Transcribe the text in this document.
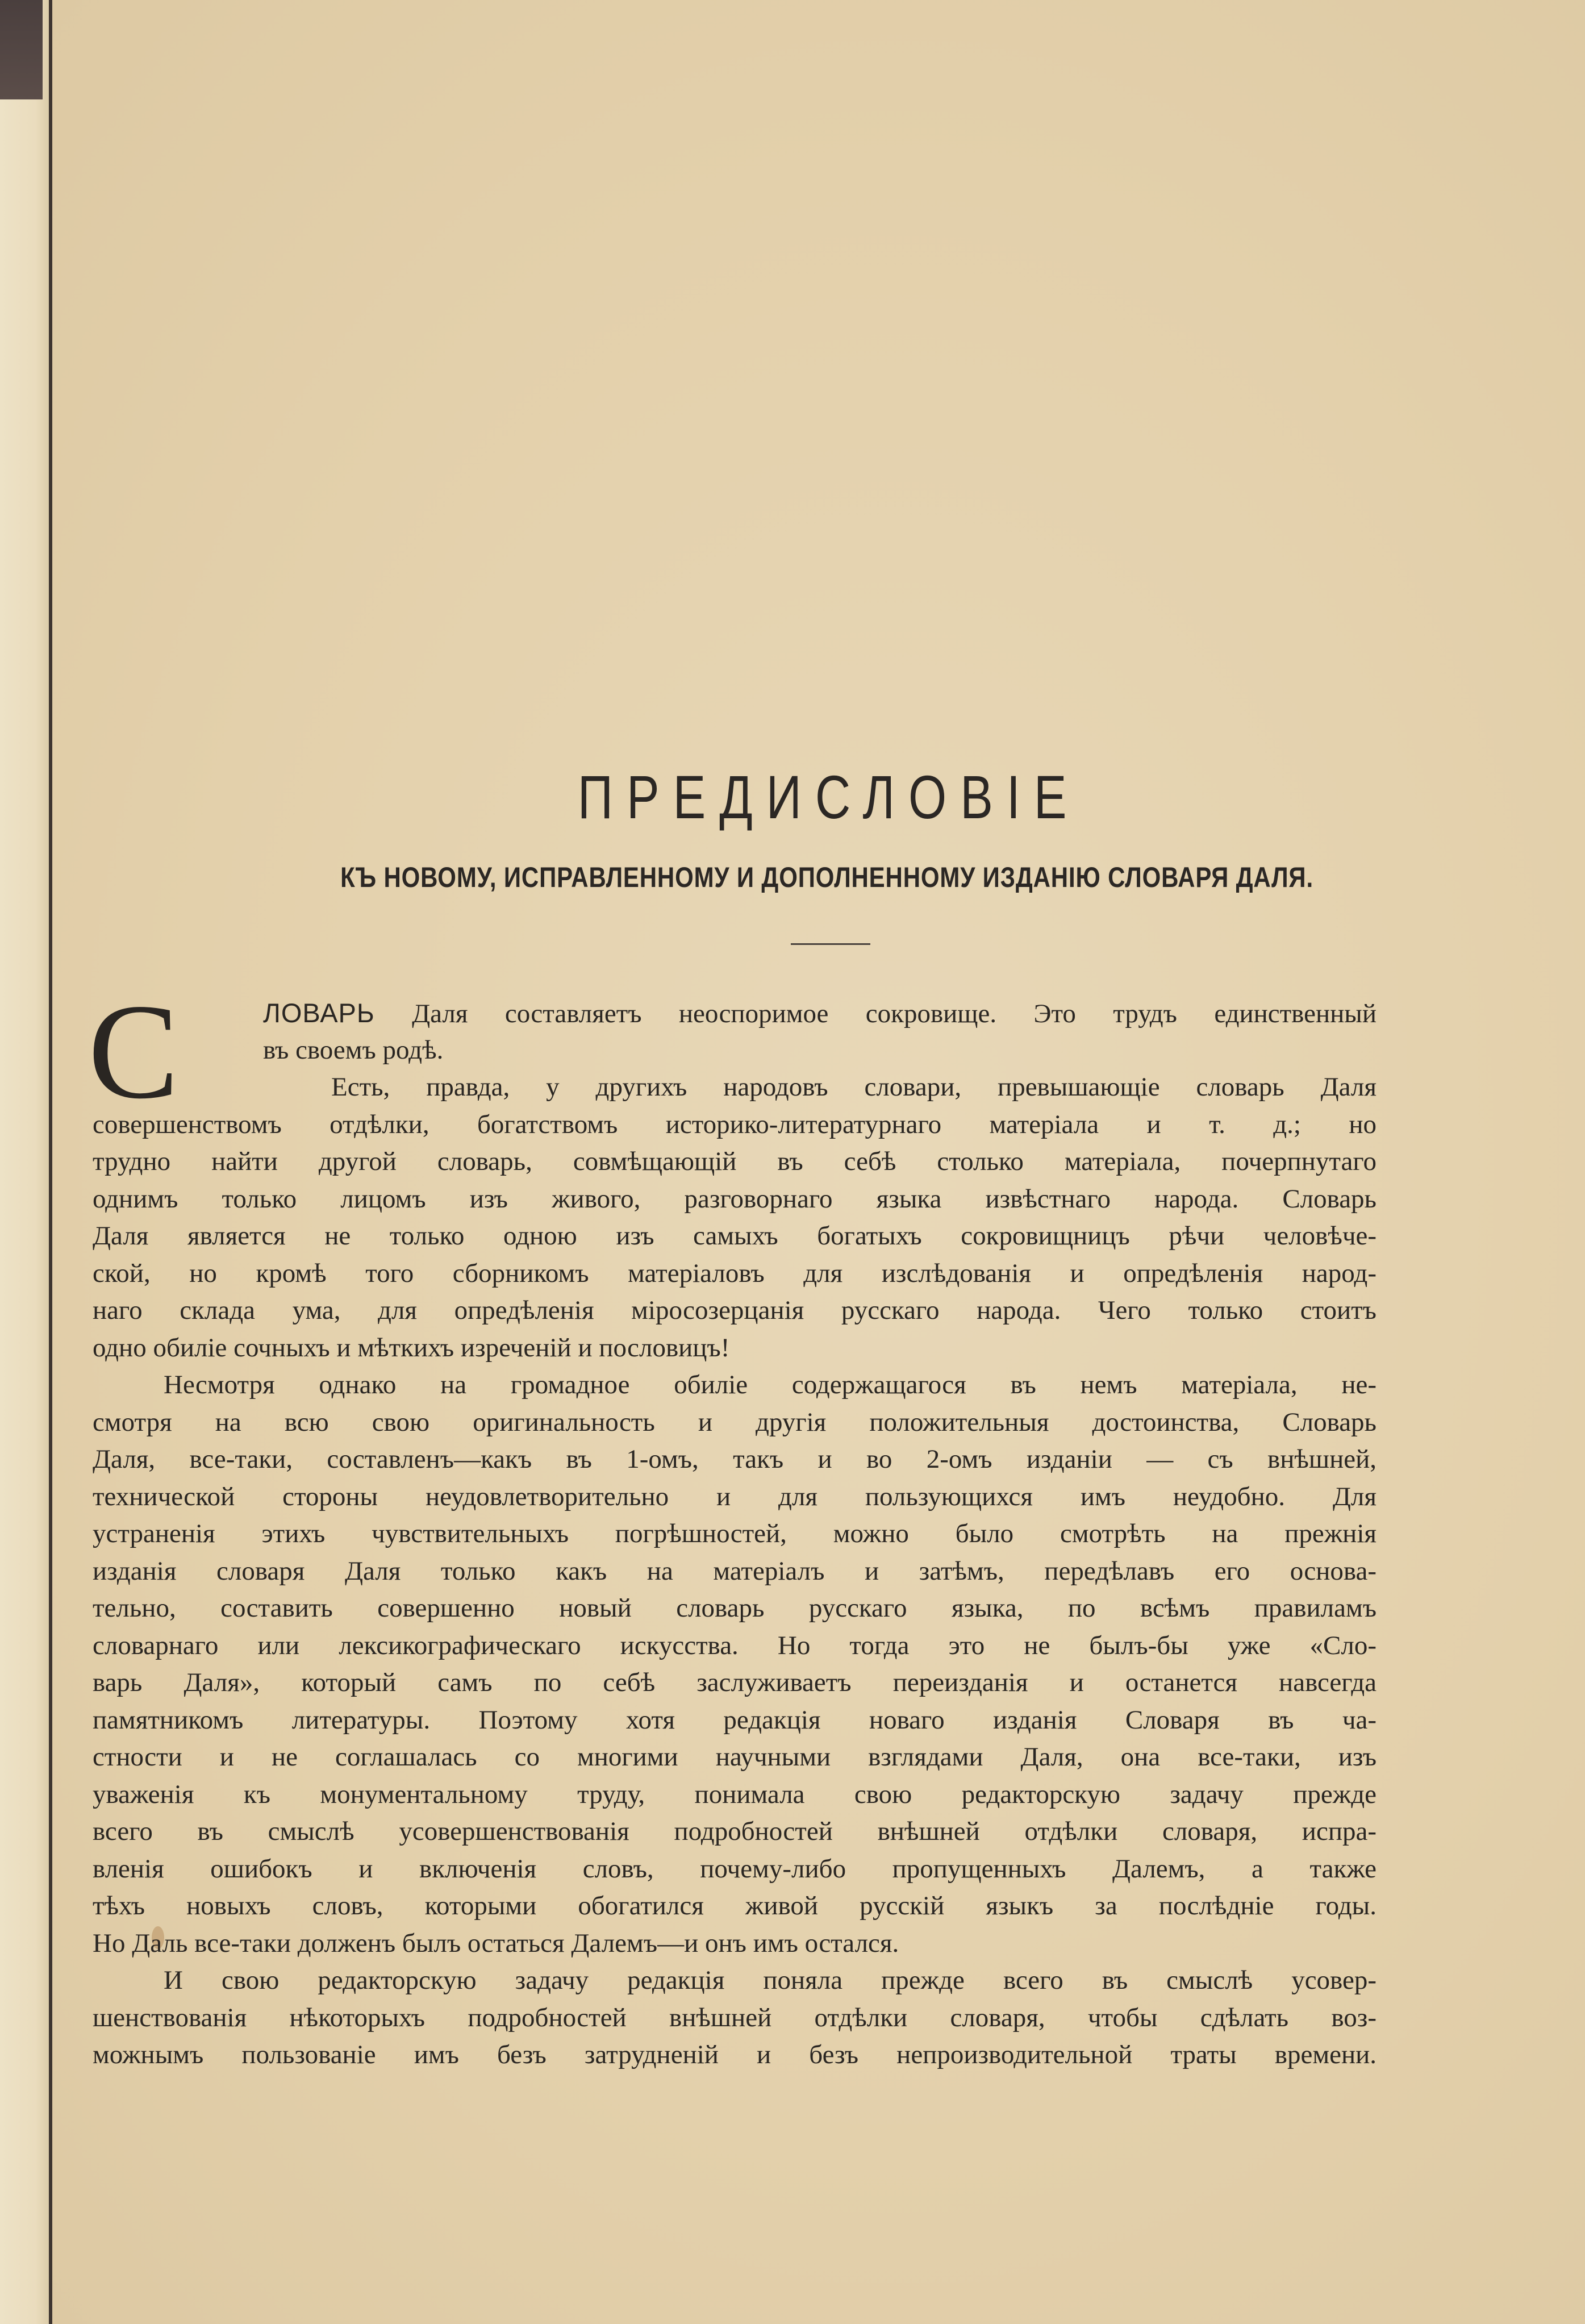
ПРЕДИСЛОВІЕ
КЪ НОВОМУ, ИСПРАВЛЕННОМУ И ДОПОЛНЕННОМУ ИЗДАНІЮ СЛОВАРЯ ДАЛЯ.
С	ЛОВАРЬ Даля составляетъ неоспоримое сокровище. Это трудъ единственный
въ своемъ родѣ.
Есть, правда, у другихъ народовъ словари, превышающіе словарь Даля
совершенствомъ отдѣлки, богатствомъ историко-литературнаго матеріала и т. д.; но
трудно найти другой словарь, совмѣщающій въ себѣ столько матеріала, почерпнутаго
однимъ только лицомъ изъ живого, разговорнаго языка извѣстнаго народа. Словарь
Даля является не только одною изъ самыхъ богатыхъ сокровищницъ рѣчи человѣче-
ской, но кромѣ того сборникомъ матеріаловъ для изслѣдованія и опредѣленія народ-
наго склада ума, для опредѣленія міросозерцанія русскаго народа. Чего только стоитъ
одно обиліе сочныхъ и мѣткихъ изреченій и пословицъ!
Несмотря однако на громадное обиліе содержащагося въ немъ матеріала, не-
смотря на всю свою оригинальность и другія положительныя достоинства, Словарь
Даля, все-таки, составленъ—какъ въ 1-омъ, такъ и во 2-омъ изданіи — съ внѣшней,
технической стороны неудовлетворительно и для пользующихся имъ неудобно. Для
устраненія этихъ чувствительныхъ погрѣшностей, можно было смотрѣть на прежнія
изданія словаря Даля только какъ на матеріалъ и затѣмъ, передѣлавъ его основа-
тельно, составить совершенно новый словарь русскаго языка, по всѣмъ правиламъ
словарнаго или лексикографическаго искусства. Но тогда это не былъ-бы уже «Сло-
варь Даля», который самъ по себѣ заслуживаетъ переизданія и останется навсегда
памятникомъ литературы. Поэтому хотя редакція новаго изданія Словаря въ ча-
стности и не соглашалась со многими научными взглядами Даля, она все-таки, изъ
уваженія къ монументальному труду, понимала свою редакторскую задачу прежде
всего въ смыслѣ усовершенствованія подробностей внѣшней отдѣлки словаря, испра-
вленія ошибокъ и включенія словъ, почему-либо пропущенныхъ Далемъ, а также
тѣхъ новыхъ словъ, которыми обогатился живой русскій языкъ за послѣдніе годы.
Но Даль все-таки долженъ былъ остаться Далемъ—и онъ имъ остался.
И свою редакторскую задачу редакція поняла прежде всего въ смыслѣ усовер-
шенствованія нѣкоторыхъ подробностей внѣшней отдѣлки словаря, чтобы сдѣлать воз-
можнымъ пользованіе имъ безъ затрудненій и безъ непроизводительной траты времени.
